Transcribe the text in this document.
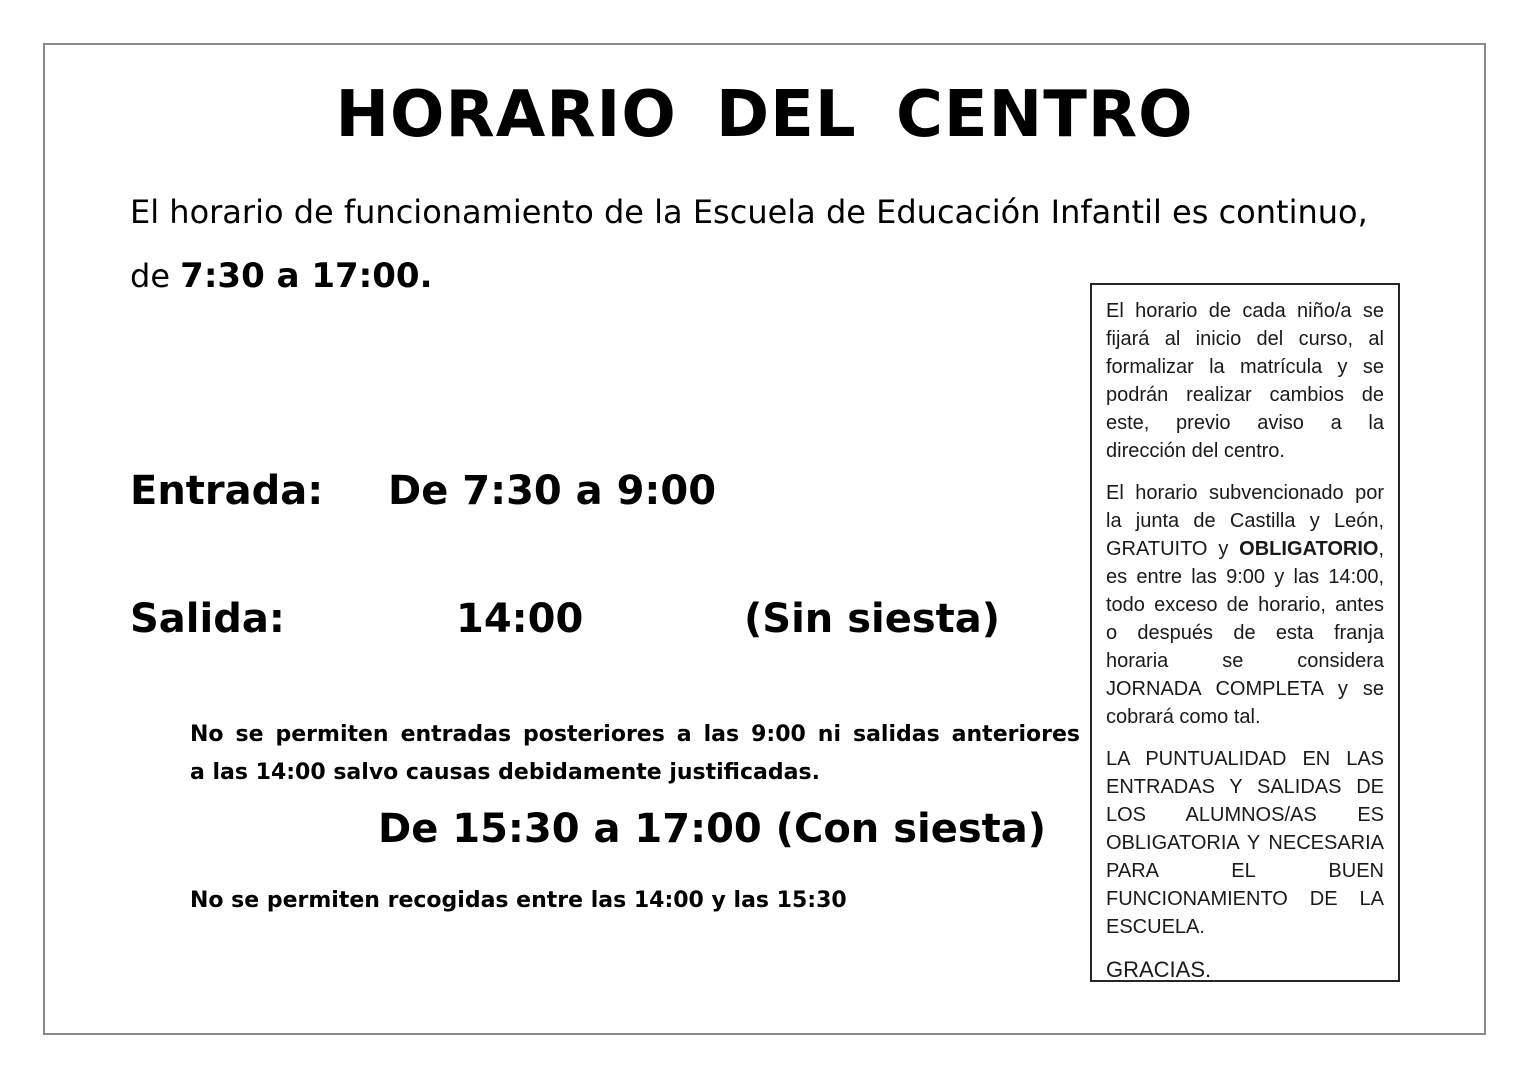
HORARIO DEL CENTRO
El horario de funcionamiento de la Escuela de Educación Infantil es continuo,
de 7:30 a 17:00.
Entrada:	De 7:30 a 9:00
Salida:	14:00	(Sin siesta)
No se permiten entradas posteriores a las 9:00 ni salidas anteriores
a las 14:00 salvo causas debidamente justificadas.
De 15:30 a 17:00 (Con siesta)
No se permiten recogidas entre las 14:00 y las 15:30

El horario de cada niño/a se fijará al inicio del curso, al formalizar la matrícula y se podrán realizar cambios de este, previo aviso a la dirección del centro.

El horario subvencionado por la junta de Castilla y León, GRATUITO y OBLIGATORIO, es entre las 9:00 y las 14:00, todo exceso de horario, antes o después de esta franja horaria se considera JORNADA COMPLETA y se cobrará como tal.

LA PUNTUALIDAD EN LAS ENTRADAS Y SALIDAS DE LOS ALUMNOS/AS ES OBLIGATORIA Y NECESARIA PARA EL BUEN FUNCIONAMIENTO DE LA ESCUELA.

GRACIAS.
